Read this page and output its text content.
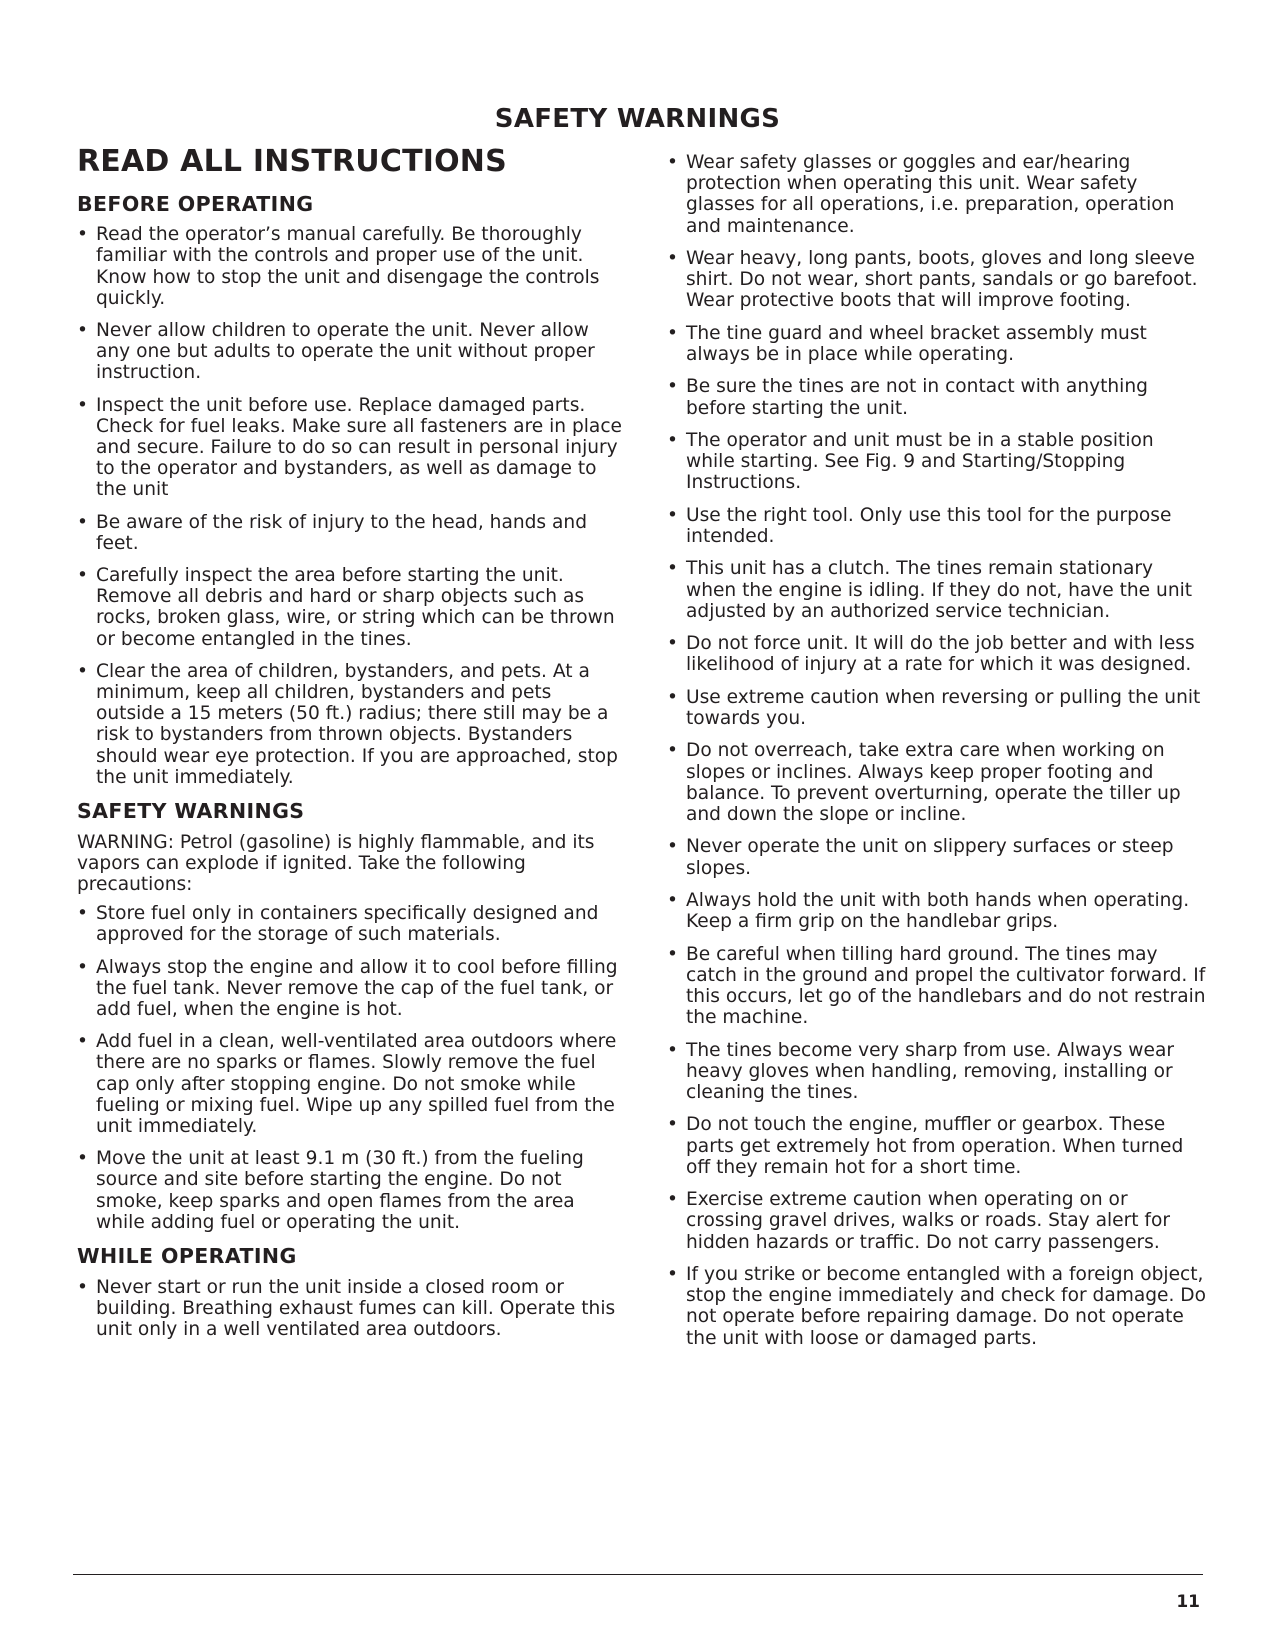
SAFETY WARNINGS
READ ALL INSTRUCTIONS
BEFORE OPERATING
• Read the operator’s manual carefully. Be thoroughly familiar with the controls and proper use of the unit. Know how to stop the unit and disengage the controls quickly.
• Never allow children to operate the unit. Never allow any one but adults to operate the unit without proper instruction.
• Inspect the unit before use. Replace damaged parts. Check for fuel leaks. Make sure all fasteners are in place and secure. Failure to do so can result in personal injury to the operator and bystanders, as well as damage to the unit
• Be aware of the risk of injury to the head, hands and feet.
• Carefully inspect the area before starting the unit. Remove all debris and hard or sharp objects such as rocks, broken glass, wire, or string which can be thrown or become entangled in the tines.
• Clear the area of children, bystanders, and pets. At a minimum, keep all children, bystanders and pets outside a 15 meters (50 ft.) radius; there still may be a risk to bystanders from thrown objects. Bystanders should wear eye protection. If you are approached, stop the unit immediately.
SAFETY WARNINGS

WARNING: Petrol (gasoline) is highly flammable, and its vapors can explode if ignited. Take the following precautions:

• Store fuel only in containers specifically designed and approved for the storage of such materials.
• Always stop the engine and allow it to cool before filling the fuel tank. Never remove the cap of the fuel tank, or add fuel, when the engine is hot.
• Add fuel in a clean, well-ventilated area outdoors where there are no sparks or flames. Slowly remove the fuel cap only after stopping engine. Do not smoke while fueling or mixing fuel. Wipe up any spilled fuel from the unit immediately.
• Move the unit at least 9.1 m (30 ft.) from the fueling source and site before starting the engine. Do not smoke, keep sparks and open flames from the area while adding fuel or operating the unit.
WHILE OPERATING
• Never start or run the unit inside a closed room or building. Breathing exhaust fumes can kill. Operate this unit only in a well ventilated area outdoors.
• Wear safety glasses or goggles and ear/hearing protection when operating this unit. Wear safety glasses for all operations, i.e. preparation, operation and maintenance.
• Wear heavy, long pants, boots, gloves and long sleeve shirt. Do not wear, short pants, sandals or go barefoot. Wear protective boots that will improve footing.
• The tine guard and wheel bracket assembly must always be in place while operating.
• Be sure the tines are not in contact with anything before starting the unit.
• The operator and unit must be in a stable position while starting. See Fig. 9 and Starting/Stopping Instructions.
• Use the right tool. Only use this tool for the purpose intended.
• This unit has a clutch. The tines remain stationary when the engine is idling. If they do not, have the unit adjusted by an authorized service technician.
• Do not force unit. It will do the job better and with less likelihood of injury at a rate for which it was designed.
• Use extreme caution when reversing or pulling the unit towards you.
• Do not overreach, take extra care when working on slopes or inclines. Always keep proper footing and balance. To prevent overturning, operate the tiller up and down the slope or incline.
• Never operate the unit on slippery surfaces or steep slopes.
• Always hold the unit with both hands when operating. Keep a firm grip on the handlebar grips.
• Be careful when tilling hard ground. The tines may catch in the ground and propel the cultivator forward. If this occurs, let go of the handlebars and do not restrain the machine.
• The tines become very sharp from use. Always wear heavy gloves when handling, removing, installing or cleaning the tines.
• Do not touch the engine, muffler or gearbox. These parts get extremely hot from operation. When turned off they remain hot for a short time.
• Exercise extreme caution when operating on or crossing gravel drives, walks or roads. Stay alert for hidden hazards or traffic. Do not carry passengers.
• If you strike or become entangled with a foreign object, stop the engine immediately and check for damage. Do not operate before repairing damage. Do not operate the unit with loose or damaged parts.
11
